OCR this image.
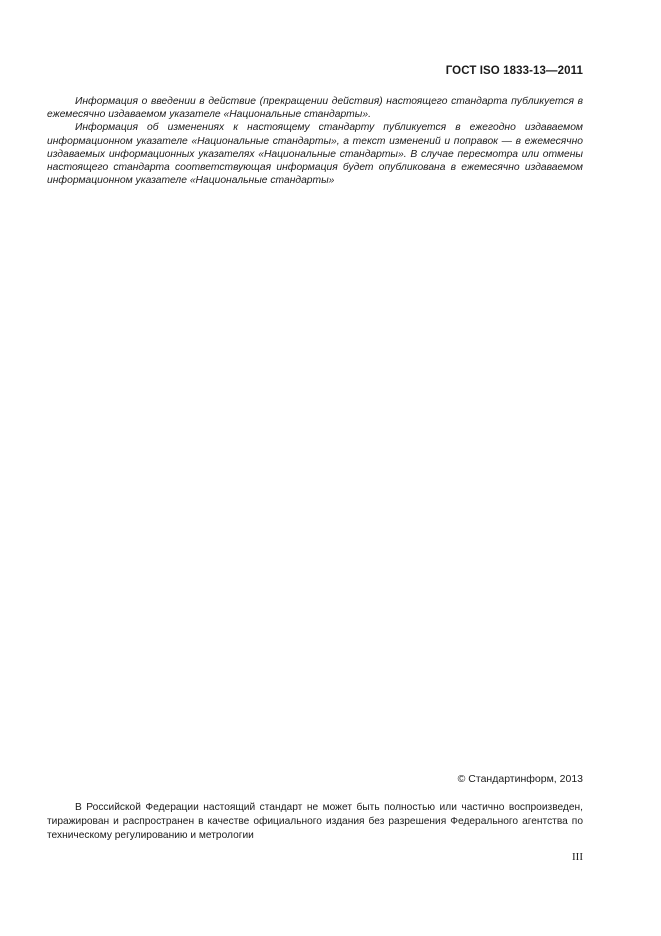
ГОСТ ISO 1833-13—2011

Информация о введении в действие (прекращении действия) настоящего стандарта публикуется в ежемесячно издаваемом указателе «Национальные стандарты».

Информация об изменениях к настоящему стандарту публикуется в ежегодно издаваемом информационном указателе «Национальные стандарты», а текст изменений и поправок — в ежемесячно издаваемых информационных указателях «Национальные стандарты». В случае пересмотра или отмены настоящего стандарта соответствующая информация будет опубликована в ежемесячно издаваемом информационном указателе «Национальные стандарты»

© Стандартинформ, 2013

В Российской Федерации настоящий стандарт не может быть полностью или частично воспроизведен, тиражирован и распространен в качестве официального издания без разрешения Федерального агентства по техническому регулированию и метрологии

III
